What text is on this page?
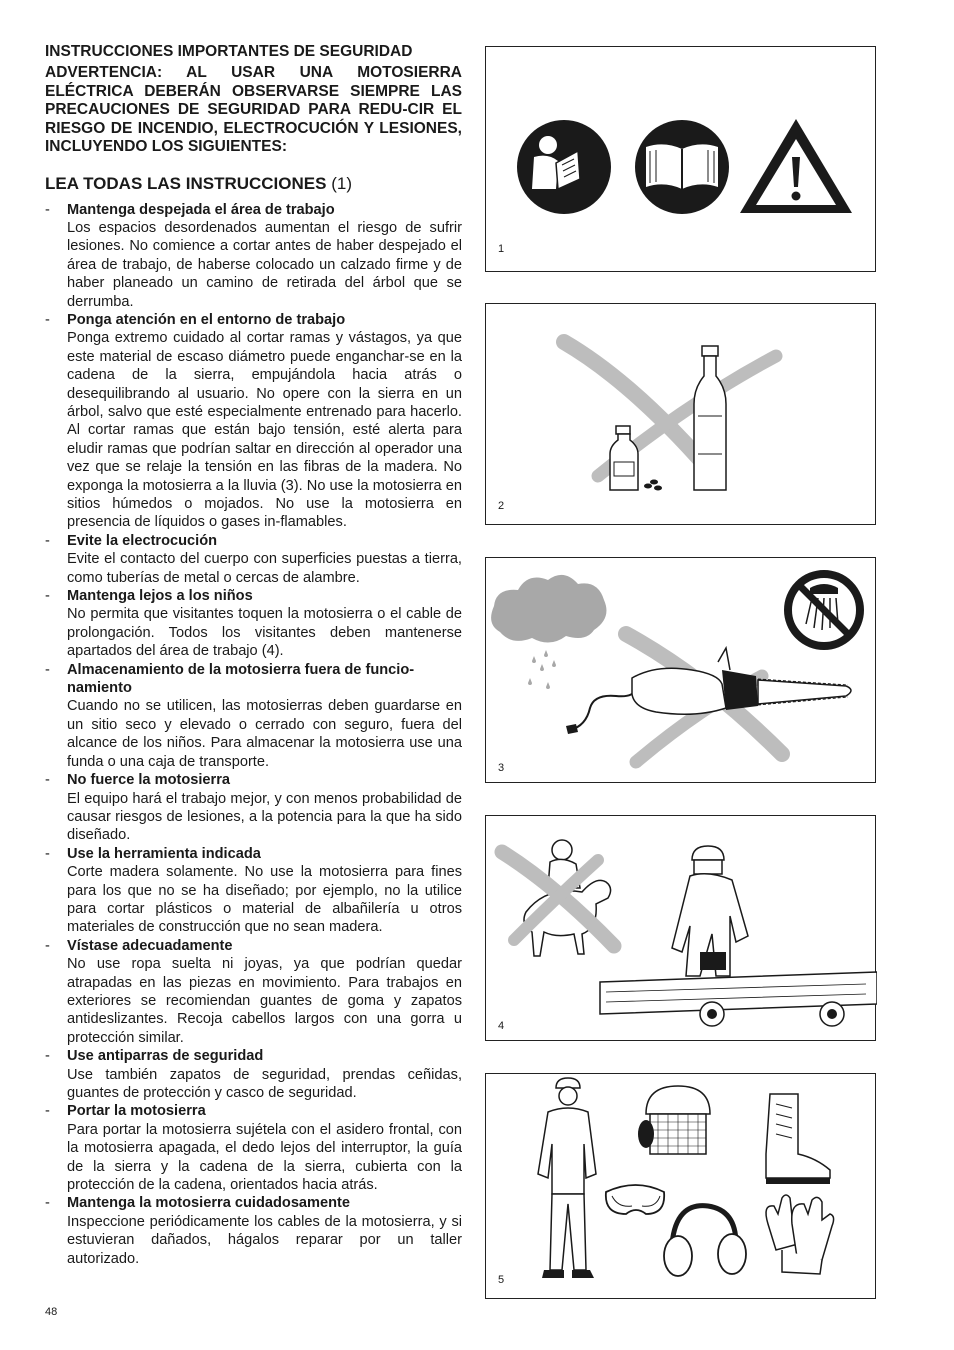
INSTRUCCIONES IMPORTANTES DE SEGURIDAD
ADVERTENCIA: AL USAR UNA MOTOSIERRA ELÉCTRICA DEBERÁN OBSERVARSE SIEMPRE LAS PRECAUCIONES DE SEGURIDAD PARA REDU-CIR EL RIESGO DE INCENDIO, ELECTROCUCIÓN Y LESIONES, INCLUYENDO LOS SIGUIENTES:
LEA TODAS LAS INSTRUCCIONES (1)
- Mantenga despejada el área de trabajo
Los espacios desordenados aumentan el riesgo de sufrir lesiones. No comience a cortar antes de haber despejado el área de trabajo, de haberse colocado un calzado firme y de haber planeado un camino de retirada del árbol que se derrumba.
- Ponga atención en el entorno de trabajo
Ponga extremo cuidado al cortar ramas y vástagos, ya que este material de escaso diámetro puede enganchar-se en la cadena de la sierra, empujándola hacia atrás o desequilibrando al usuario. No opere con la sierra en un árbol, salvo que esté especialmente entrenado para hacerlo. Al cortar ramas que están bajo tensión, esté alerta para eludir ramas que podrían saltar en dirección al operador una vez que se relaje la tensión en las fibras de la madera. No exponga la motosierra a la lluvia (3). No use la motosierra en sitios húmedos o mojados. No use la motosierra en presencia de líquidos o gases in-flamables.
- Evite la electrocución
Evite el contacto del cuerpo con superficies puestas a tierra, como tuberías de metal o cercas de alambre.
- Mantenga lejos a los niños
No permita que visitantes toquen la motosierra o el cable de prolongación. Todos los visitantes deben mantenerse apartados del área de trabajo (4).
- Almacenamiento de la motosierra fuera de funcio-namiento
Cuando no se utilicen, las motosierras deben guardarse en un sitio seco y elevado o cerrado con seguro, fuera del alcance de los niños. Para almacenar la motosierra use una funda o una caja de transporte.
- No fuerce la motosierra
El equipo hará el trabajo mejor, y con menos probabilidad de causar riesgos de lesiones, a la potencia para la que ha sido diseñado.
- Use la herramienta indicada
Corte madera solamente. No use la motosierra para fines para los que no se ha diseñado; por ejemplo, no la utilice para cortar plásticos o material de albañilería u otros materiales de construcción que no sean madera.
- Vístase adecuadamente
No use ropa suelta ni joyas, ya que podrían quedar atrapadas en las piezas en movimiento. Para trabajos en exteriores se recomiendan guantes de goma y zapatos antideslizantes. Recoja cabellos largos con una gorra u protección similar.
- Use antiparras de seguridad
Use también zapatos de seguridad, prendas ceñidas, guantes de protección y casco de seguridad.
- Portar la motosierra
Para portar la motosierra sujétela con el asidero frontal, con la motosierra apagada, el dedo lejos del interruptor, la guía de la sierra y la cadena de la sierra, cubierta con la protección de la cadena, orientados hacia atrás.
- Mantenga la motosierra cuidadosamente
Inspeccione periódicamente los cables de la motosierra, y si estuvieran dañados, hágalos reparar por un taller autorizado.
1
2
3
4
5
48
